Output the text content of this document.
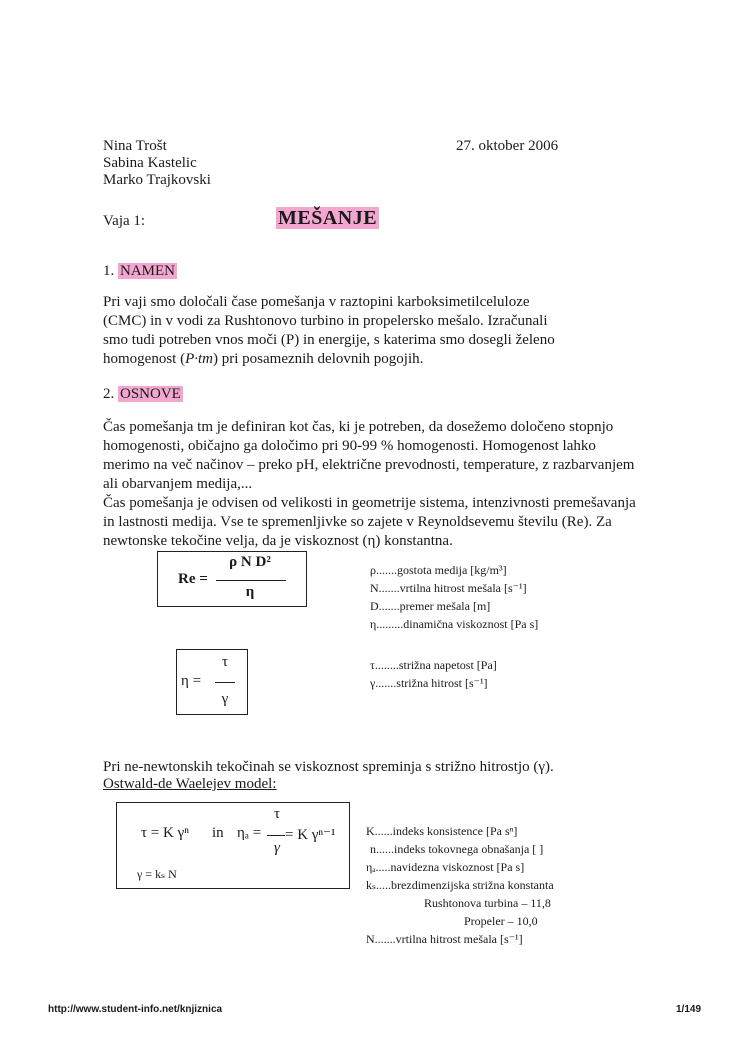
Nina Trošt
Sabina Kastelic
Marko Trajkovski
27. oktober 2006
Vaja 1:	MEŠANJE
1. NAMEN
Pri vaji smo določali čase pomešanja v raztopini karboksimetilceluloze (CMC) in v vodi za Rushtonovo turbino in propelersko mešalo. Izračunali smo tudi potreben vnos moči (P) in energije, s katerima smo dosegli želeno homogenost (P·tm) pri posameznih delovnih pogojih.
2. OSNOVE
Čas pomešanja tm je definiran kot čas, ki je potreben, da dosežemo določeno stopnjo homogenosti, običajno ga določimo pri 90-99 % homogenosti. Homogenost lahko merimo na več načinov – preko pH, električne prevodnosti, temperature, z razbarvanjem ali obarvanjem medija,...
Čas pomešanja je odvisen od velikosti in geometrije sistema, intenzivnosti premešavanja in lastnosti medija. Vse te spremenljivke so zajete v Reynoldsevemu številu (Re). Za newtonske tekočine velja, da je viskoznost (η) konstantna.
Re =
ρ N D²
η
ρ.......gostota medija [kg/m³]
N.......vrtilna hitrost mešala [s⁻¹]
D.......premer mešala [m]
η.........dinamična viskoznost [Pa s]
η =
τ
γ
τ........strižna napetost [Pa]
γ.......strižna hitrost [s⁻¹]
Pri ne-newtonskih tekočinah se viskoznost spreminja s strižno hitrostjo (γ).
Ostwald-de Waelejev model:
τ = K γⁿ in ηₐ =
τ
γ
= K γⁿ⁻¹
γ = kₛ N
K......indeks konsistence [Pa sⁿ]
n......indeks tokovnega obnašanja [ ]
ηₐ.....navidezna viskoznost [Pa s]
kₛ.....brezdimenzijska strižna konstanta
Rushtonova turbina – 11,8
Propeler – 10,0
N.......vrtilna hitrost mešala [s⁻¹]
http://www.student-info.net/knjiznica	1/149
